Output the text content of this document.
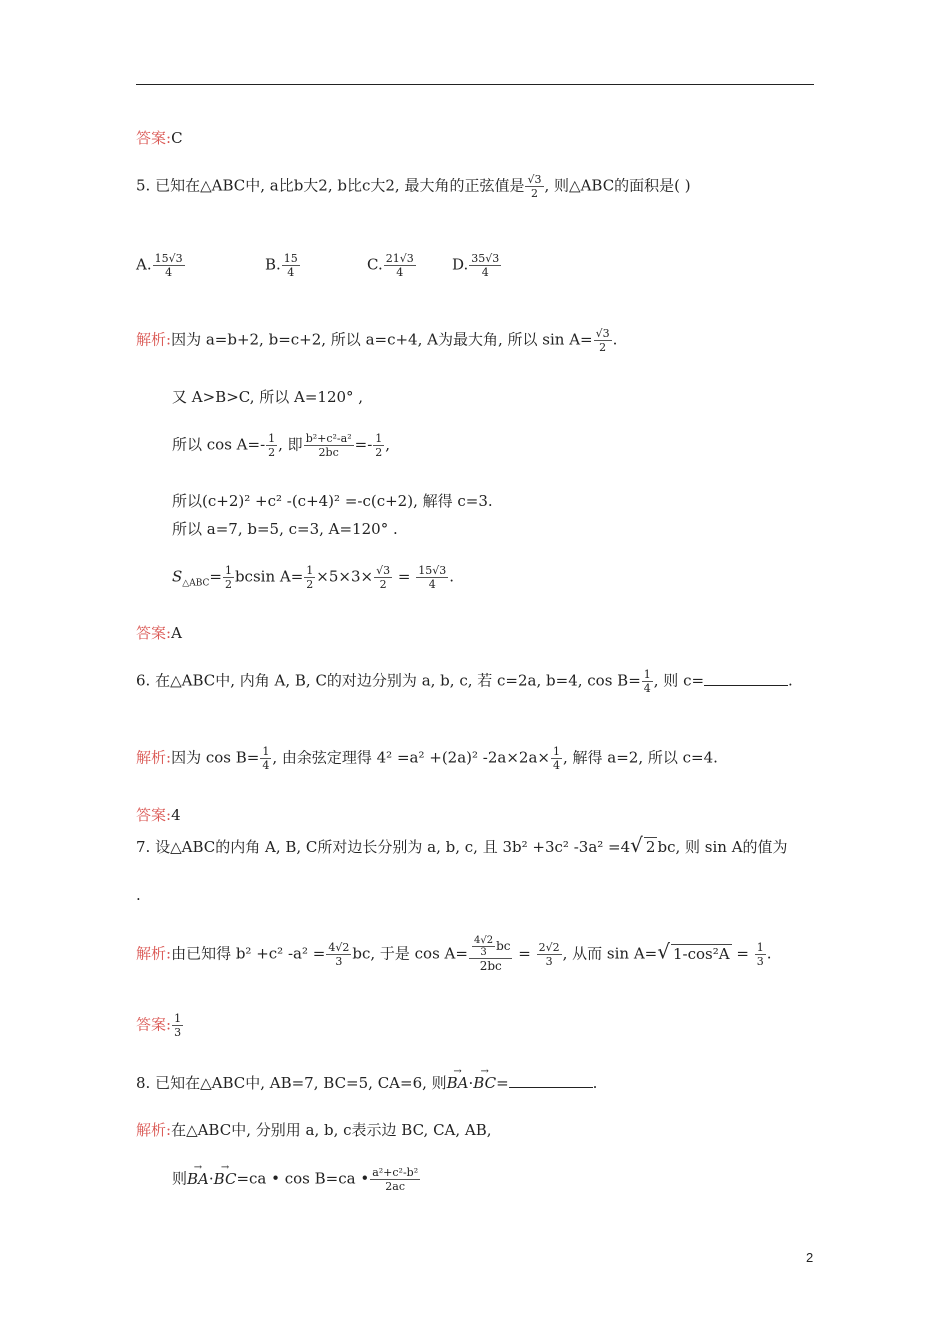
答案:C
5. 已知在△ABC中, a比b大2, b比c大2, 最大角的正弦值是 $\frac{√3}{2}$ , 则△ABC的面积是( )
A. $\frac{15√3}{4}$	B. $\frac{15}{4}$	C. $\frac{21√3}{4} D$. $\frac{35√3}{4}$
解析:因为 a=b+2, b=c+2, 所以 a=c+4, A为最大角, 所以 $\sin A= \frac{√3}{2}$ .
又 A>B>C, 所以 A=120° ,
所以 $\cos A=- \frac{1}{2}$ , 即 $\frac{\text{b²+c²-a²}}{2bc} =- \frac{1}{2}$ ,
所以(c+2)² +c² -(c+4)² =-c(c+2), 解得 c=3.
所以 a=7, b=5, c=3, A=120° .
$S_{\triangle ABC}= \frac{1}{2}$ bcsin $A= \frac{1}{2} \times 5\times 3\times \frac{√3}{2} = \frac{15√3}{4}$ .
答案:A
6. 在△ABC中, 内角 A, B, C的对边分别为 a, b, c, 若 c=2a, b=4, $\cos B= \frac{1}{4}$ , 则 c=	.
解析:因为 $\cos B= \frac{1}{4}$ , 由余弦定理得 4² =a² +(2a)² $-2a\times 2a\times \frac{1}{4}$ , 解得 a=2, 所以 c=4.
答案:4
7. 设△ABC的内角 A, B, C所对边长分别为 a, b, c, 且 3b² +3c² -3a² =4√ 2 bc, 则 sin A的值为
.
解析:由已知得 b² +c² $-a^2 = \frac{4√2}{3}$ bc, 于是 $\cos A= \frac{\frac{4√2}{3} bc}{2bc} = \frac{2√2}{3}$ , 从而 sin A=√ $1-\cos^2A = \frac{1}{3}$ .
答案: $\frac{1}{3}$
8. 已知在△ABC中, AB=7, BC=5, CA=6, 则→ BA·→ BC=	.
解析:在△ABC中, 分别用 a, b, c表示边 BC, CA, AB,
则→ BA·→ BC=ca • cos B=ca • $\frac{\text{a²+c²-b²}}{2ac}$
2
